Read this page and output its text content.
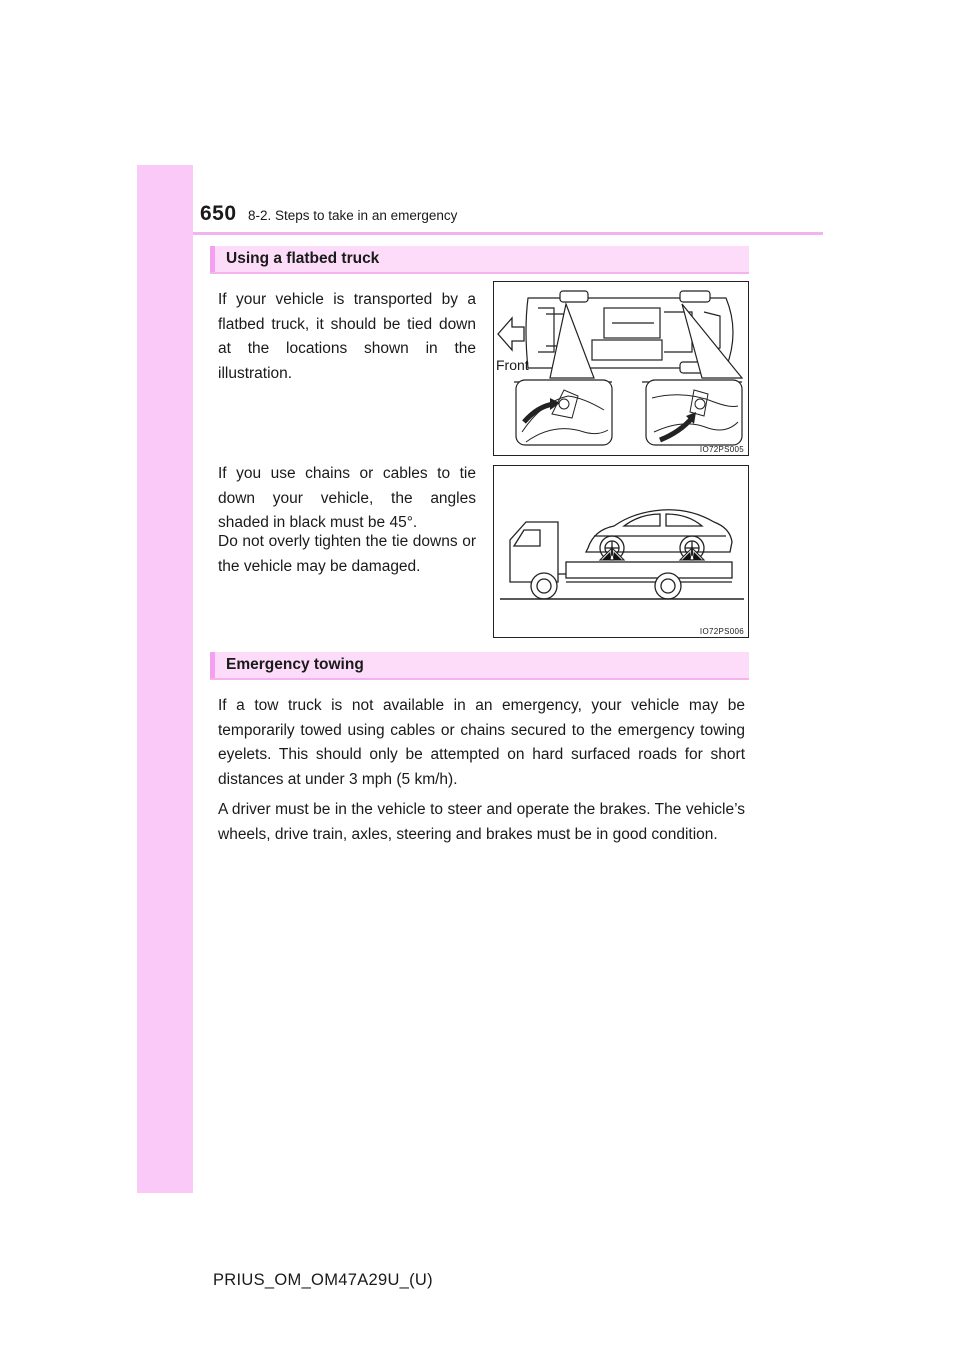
650 8-2. Steps to take in an emergency
Using a flatbed truck

If your vehicle is transported by a flatbed truck, it should be tied down at the locations shown in the illustration.

If you use chains or cables to tie down your vehicle, the angles shaded in black must be 45°.

Do not overly tighten the tie downs or the vehicle may be damaged.

Front
IO72PS005
IO72PS006
Emergency towing

If a tow truck is not available in an emergency, your vehicle may be temporarily towed using cables or chains secured to the emergency towing eyelets. This should only be attempted on hard surfaced roads for short distances at under 3 mph (5 km/h).

A driver must be in the vehicle to steer and operate the brakes. The vehicle’s wheels, drive train, axles, steering and brakes must be in good condition.

PRIUS_OM_OM47A29U_(U)
